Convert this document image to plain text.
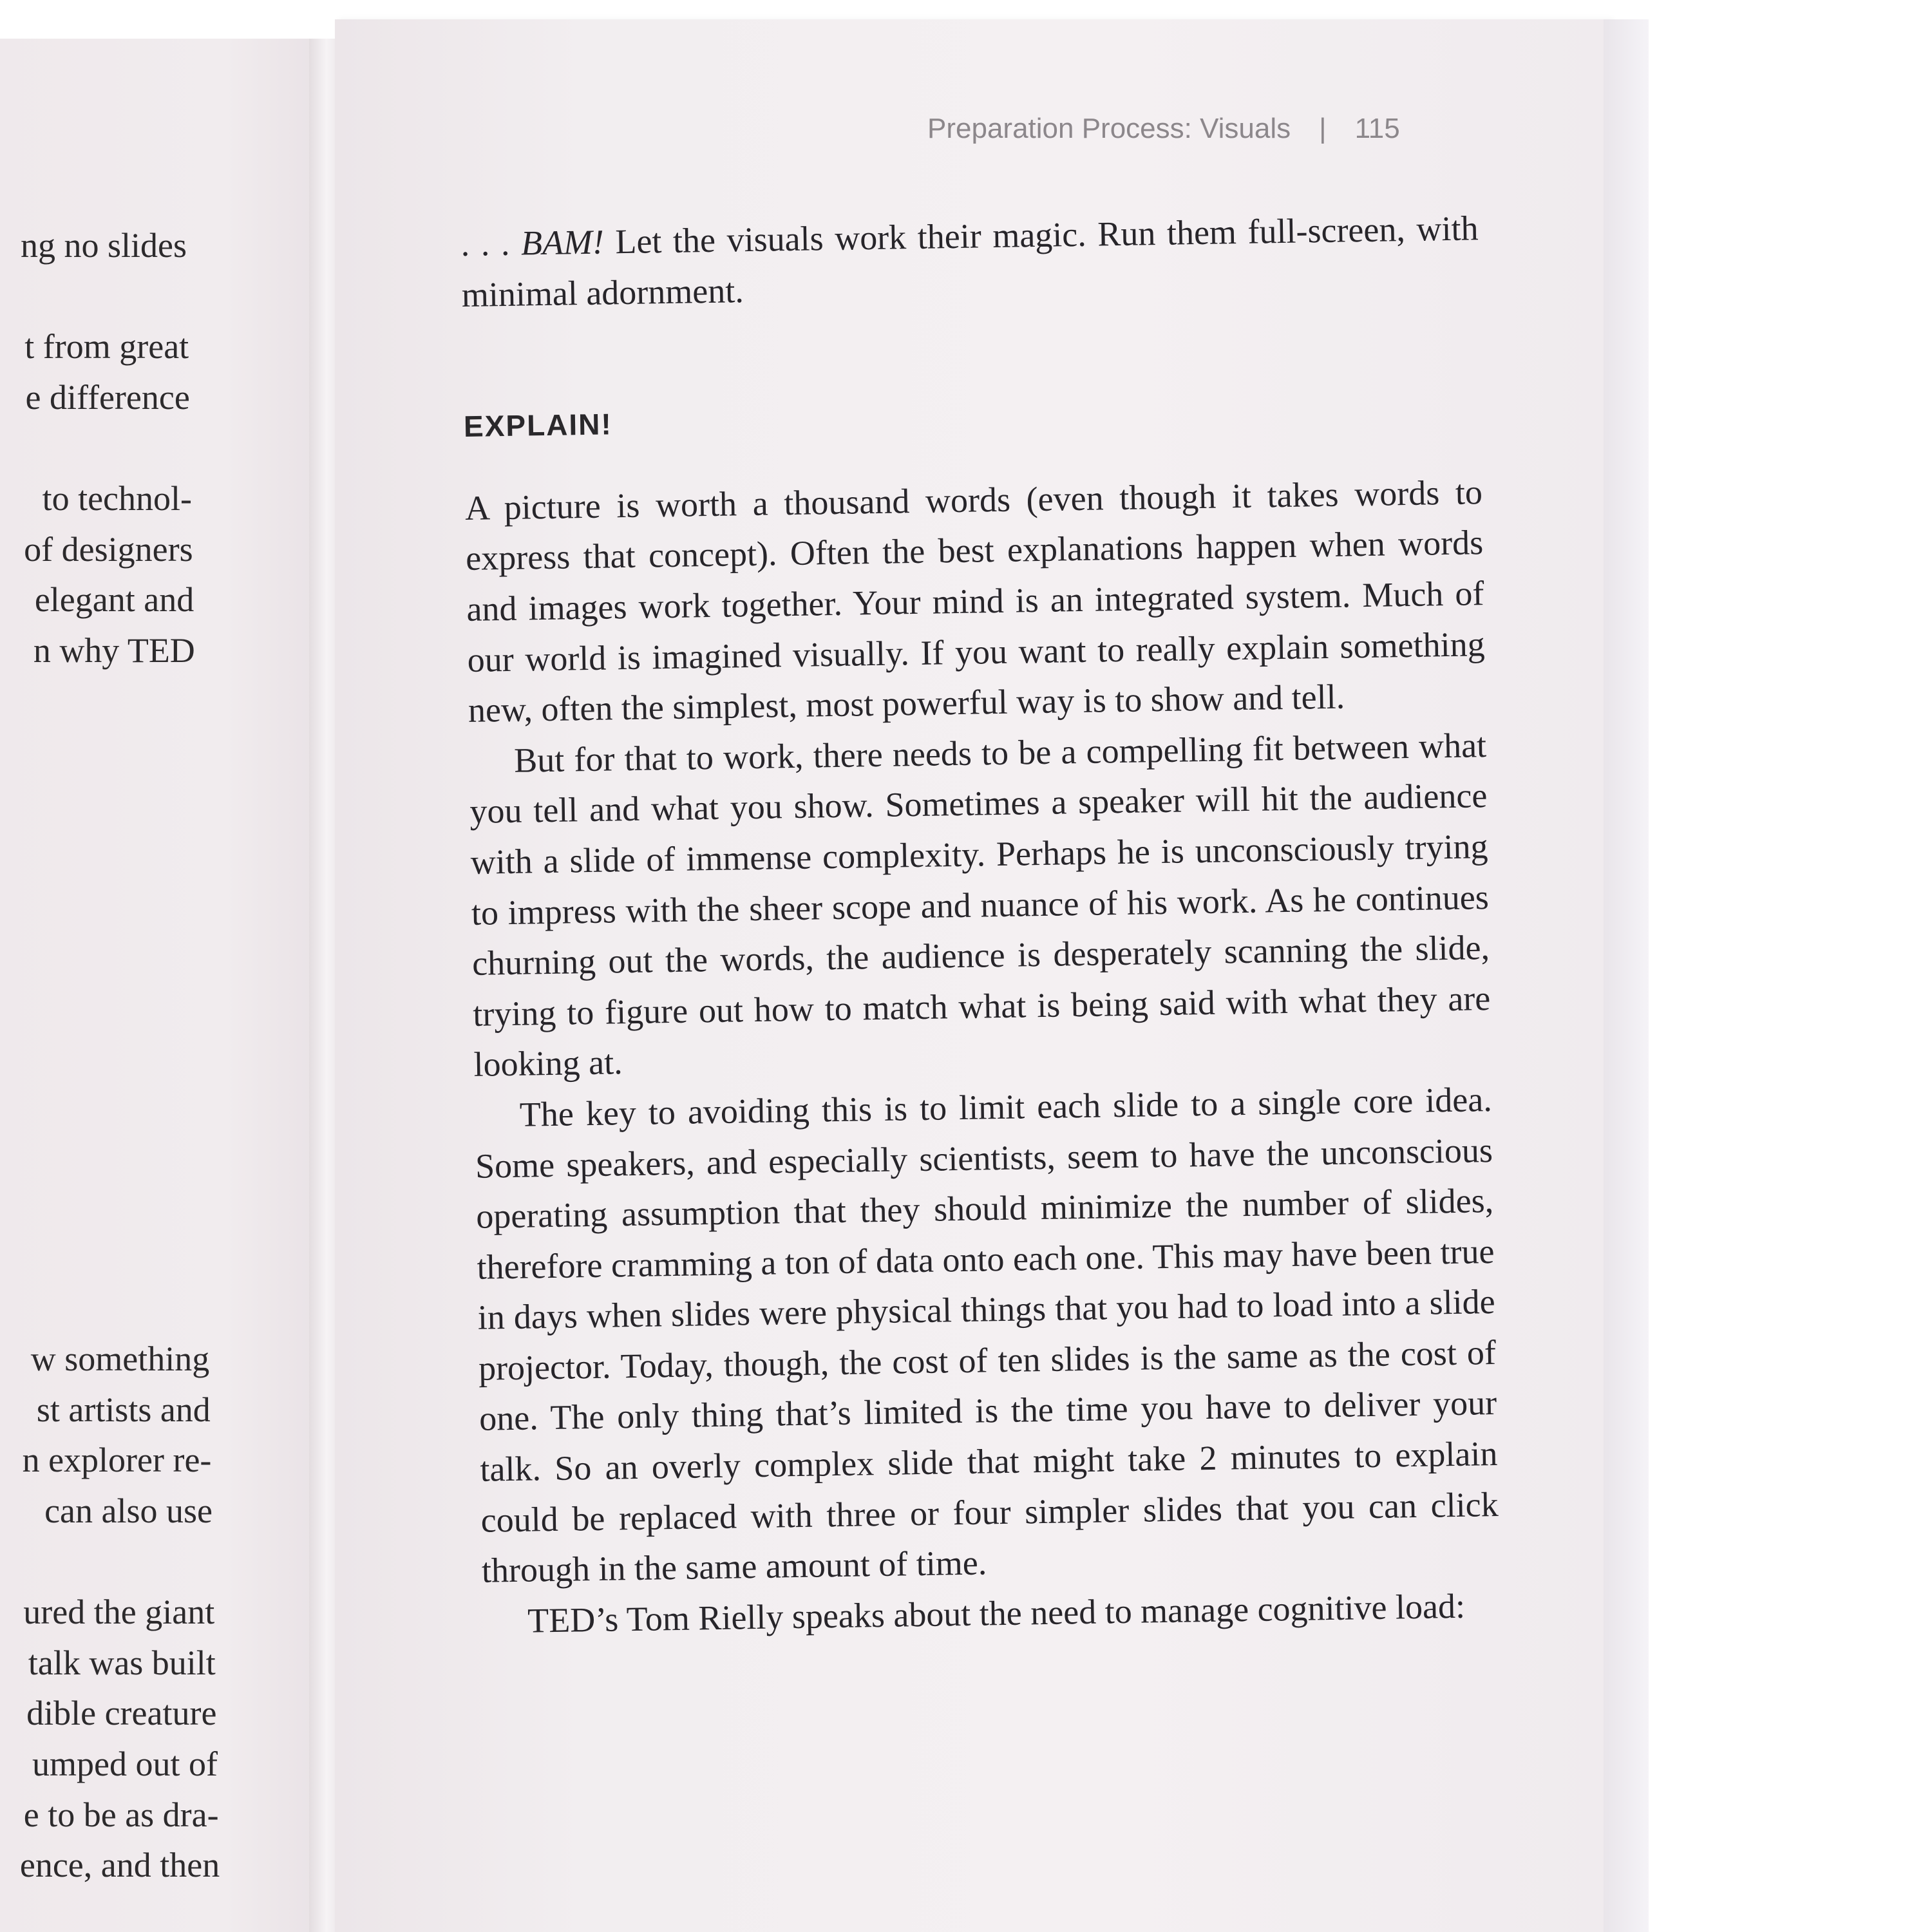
ng no slides
t from great
e difference
to technol-
of designers
elegant and
n why TED
w something
st artists and
n explorer re-
can also use
ured the giant
talk was built
dible creature
umped out of
e to be as dra-
ence, and then
Preparation Process: Visuals | 115

. . . BAM! Let the visuals work their magic. Run them full-screen, with minimal adornment.

EXPLAIN!

A picture is worth a thousand words (even though it takes words to express that concept). Often the best explanations happen when words and images work together. Your mind is an integrated system. Much of our world is imagined visually. If you want to really explain something new, often the simplest, most powerful way is to show and tell.

But for that to work, there needs to be a compelling fit between what you tell and what you show. Sometimes a speaker will hit the audience with a slide of immense complexity. Perhaps he is unconsciously trying to impress with the sheer scope and nuance of his work. As he continues churning out the words, the audience is desperately scanning the slide, trying to figure out how to match what is being said with what they are looking at.

The key to avoiding this is to limit each slide to a single core idea. Some speakers, and especially scientists, seem to have the unconscious operating assumption that they should minimize the number of slides, therefore cramming a ton of data onto each one. This may have been true in days when slides were physical things that you had to load into a slide projector. Today, though, the cost of ten slides is the same as the cost of one. The only thing that’s limited is the time you have to deliver your talk. So an overly complex slide that might take 2 minutes to explain could be replaced with three or four simpler slides that you can click through in the same amount of time.

TED’s Tom Rielly speaks about the need to manage cognitive load:
